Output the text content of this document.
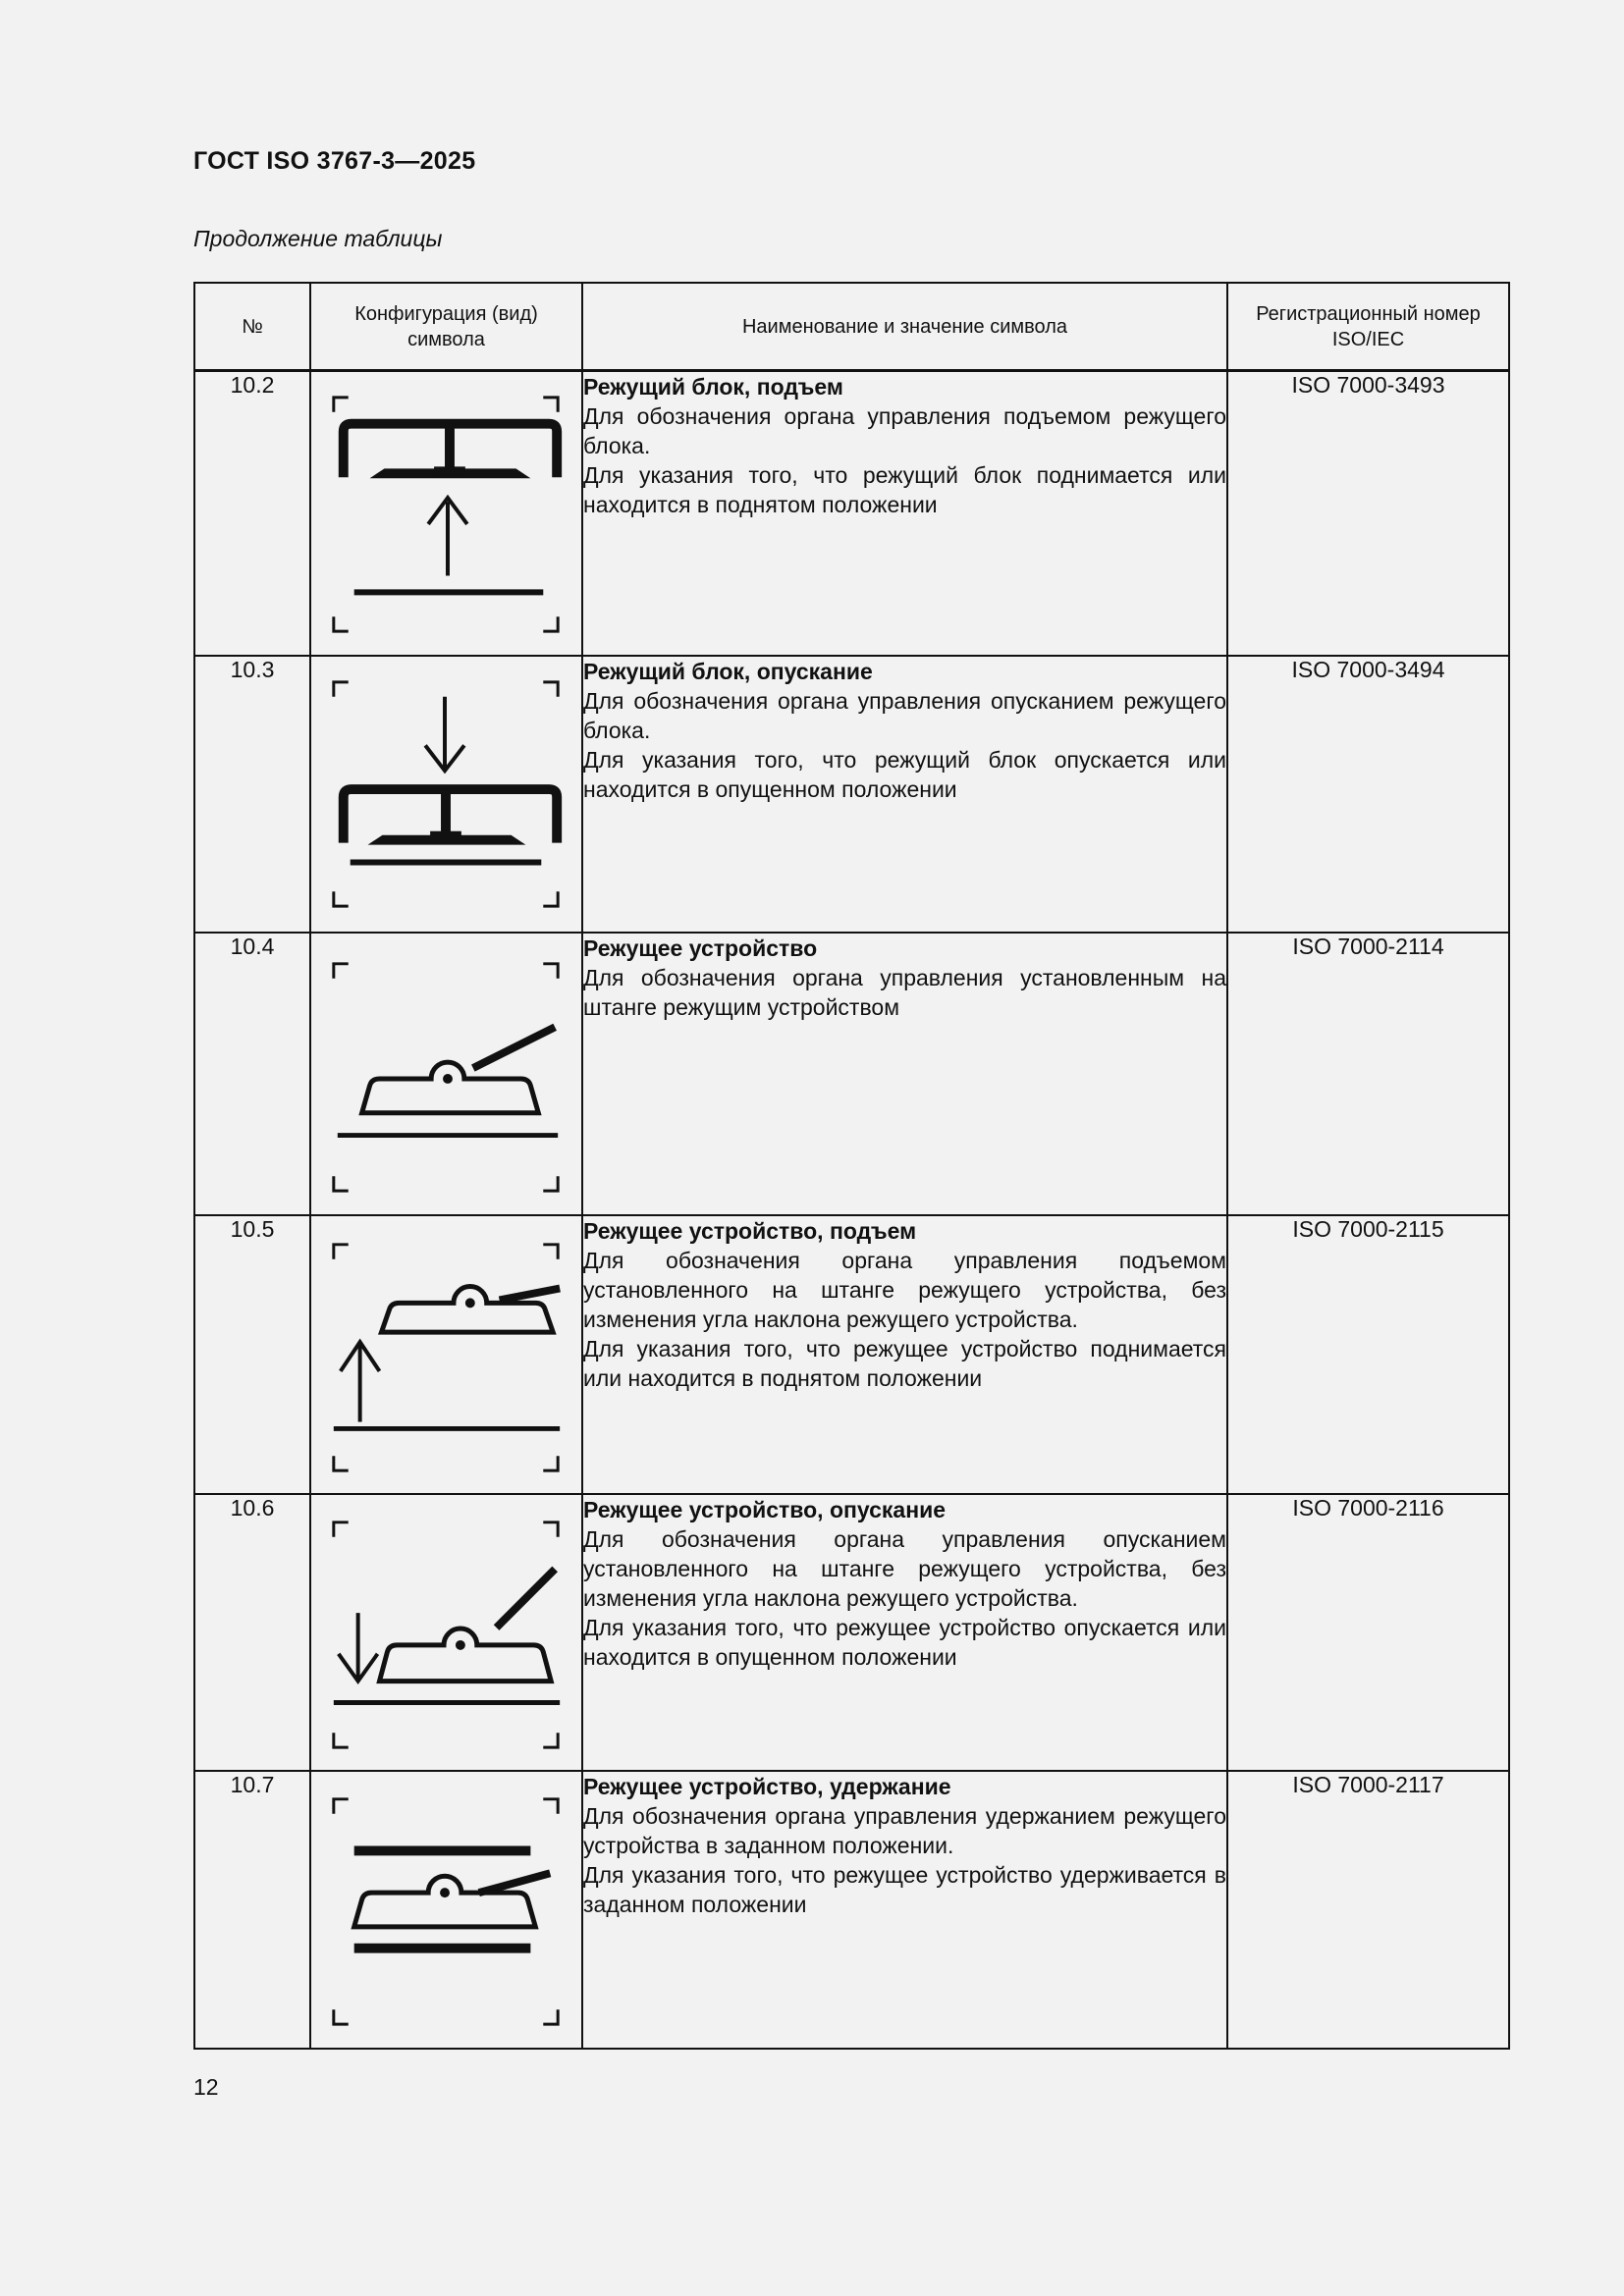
ГОСТ ISO 3767-3—2025
Продолжение таблицы
№	Конфигурация (вид) символа	Наименование и значение символа	Регистрационный номер ISO/IEC
10.2		Режущий блок, подъем
Для обозначения органа управления подъемом режущего блока.
Для указания того, что режущий блок поднимается или находится в поднятом положении	ISO 7000-3493
10.3		Режущий блок, опускание
Для обозначения органа управления опусканием режущего блока.
Для указания того, что режущий блок опускается или находится в опущенном положении	ISO 7000-3494
10.4		Режущее устройство
Для обозначения органа управления установленным на штанге режущим устройством	ISO 7000-2114
10.5		Режущее устройство, подъем
Для обозначения органа управления подъемом установленного на штанге режущего устройства, без изменения угла наклона режущего устройства.
Для указания того, что режущее устройство поднимается или находится в поднятом положении	ISO 7000-2115
10.6		Режущее устройство, опускание
Для обозначения органа управления опусканием установленного на штанге режущего устройства, без изменения угла наклона режущего устройства.
Для указания того, что режущее устройство опускается или находится в опущенном положении	ISO 7000-2116
10.7		Режущее устройство, удержание
Для обозначения органа управления удержанием режущего устройства в заданном положении.
Для указания того, что режущее устройство удерживается в заданном положении	ISO 7000-2117
12
